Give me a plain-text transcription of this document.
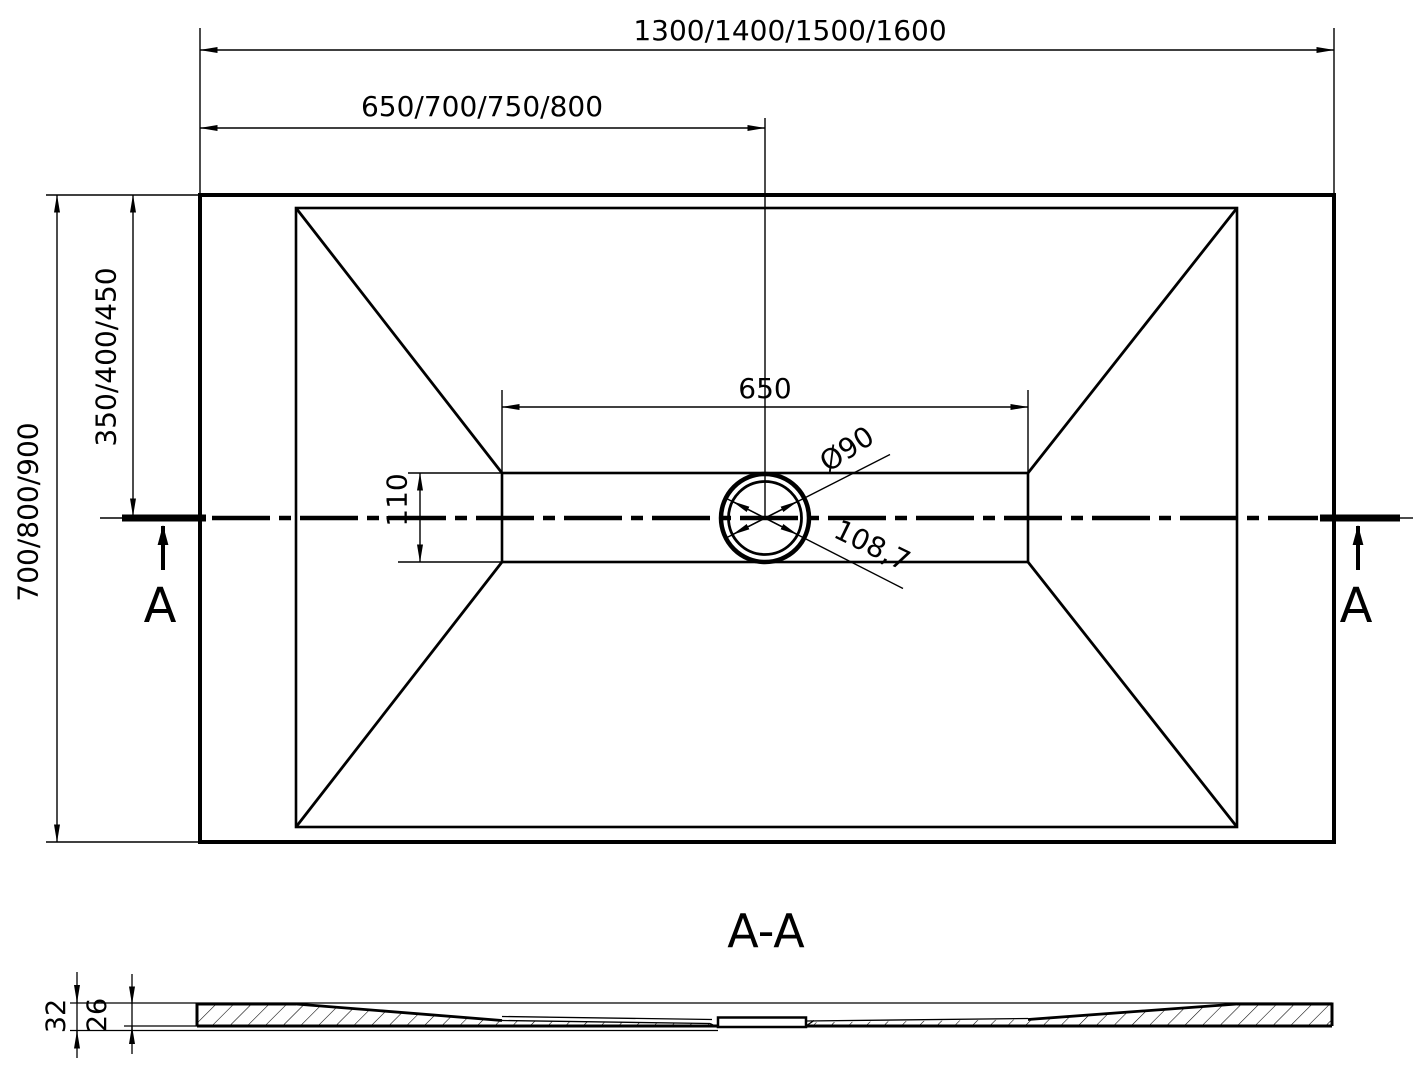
1300/1400/1500/1600
650/700/750/800
650
700/800/900
350/400/450
110
Ø90
108,7
A	A
A-A
32 26
